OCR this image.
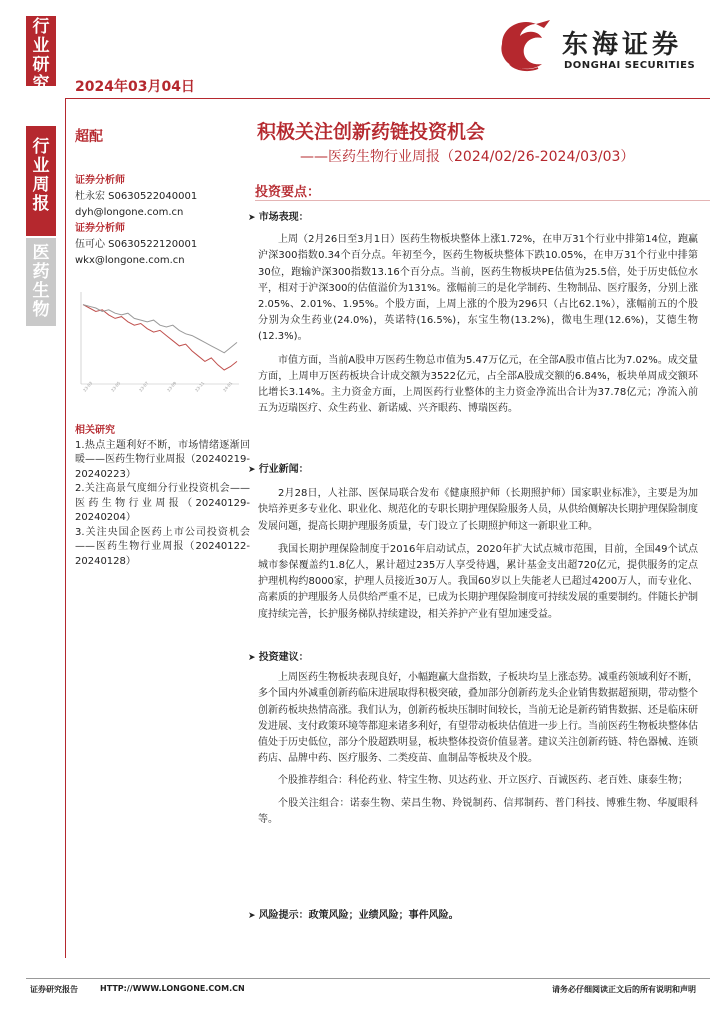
行业研究
行业周报
医药生物
2024年03月04日
东海证券
DONGHAI SECURITIES
超配	积极关注创新药链投资机会
——医药生物行业周报（2024/02/26-2024/03/03）
证券分析师
杜永宏 S0630522040001
dyh@longone.com.cn
证券分析师
伍可心 S0630522120001
wkx@longone.com.cn
23-03	23-05	23-07	23-09	23-11	24-01
相关研究
1.热点主题利好不断，市场情绪逐渐回暖——医药生物行业周报（20240219-20240223）
2.关注高景气度细分行业投资机会——医药生物行业周报（20240129-20240204）
3.关注央国企医药上市公司投资机会——医药生物行业周报（20240122-20240128）
投资要点：

➤ 市场表现：

上周（2月26日至3月1日）医药生物板块整体上涨1.72%，在申万31个行业中排第14位，跑赢沪深300指数0.34个百分点。年初至今，医药生物板块整体下跌10.05%，在申万31个行业中排第30位，跑输沪深300指数13.16个百分点。当前，医药生物板块PE估值为25.5倍，处于历史低位水平，相对于沪深300的估值溢价为131%。涨幅前三的是化学制药、生物制品、医疗服务，分别上涨2.05%、2.01%、1.95%。个股方面，上周上涨的个股为296只（占比62.1%），涨幅前五的个股分别为众生药业(24.0%)，英诺特(16.5%)，东宝生物(13.2%)，微电生理(12.6%)，艾德生物(12.3%)。

市值方面，当前A股申万医药生物总市值为5.47万亿元，在全部A股市值占比为7.02%。成交量方面，上周申万医药板块合计成交额为3522亿元，占全部A股成交额的6.84%，板块单周成交额环比增长3.14%。主力资金方面，上周医药行业整体的主力资金净流出合计为37.78亿元；净流入前五为迈瑞医疗、众生药业、新诺威、兴齐眼药、博瑞医药。

➤ 行业新闻：

2月28日，人社部、医保局联合发布《健康照护师（长期照护师）国家职业标准》，主要是为加快培养更多专业化、职业化、规范化的专职长期护理保险服务人员，从供给侧解决长期护理保险制度发展问题，提高长期护理服务质量，专门设立了长期照护师这一新职业工种。

我国长期护理保险制度于2016年启动试点，2020年扩大试点城市范围，目前，全国49个试点城市参保覆盖约1.8亿人，累计超过235万人享受待遇，累计基金支出超720亿元，提供服务的定点护理机构约8000家，护理人员接近30万人。我国60岁以上失能老人已超过4200万人，而专业化、高素质的护理服务人员供给严重不足，已成为长期护理保险制度可持续发展的重要制约。伴随长护制度持续完善，长护服务梯队持续建设，相关养护产业有望加速受益。

➤ 投资建议：

上周医药生物板块表现良好，小幅跑赢大盘指数，子板块均呈上涨态势。减重药领域利好不断，多个国内外减重创新药临床进展取得积极突破，叠加部分创新药龙头企业销售数据超预期，带动整个创新药板块热情高涨。我们认为，创新药板块压制时间较长，当前无论是新药销售数据、还是临床研发进展、支付政策环境等都迎来诸多利好，有望带动板块估值进一步上行。当前医药生物板块整体估值处于历史低位，部分个股超跌明显，板块整体投资价值显著。建议关注创新药链、特色器械、连锁药店、品牌中药、医疗服务、二类疫苗、血制品等板块及个股。

个股推荐组合：科伦药业、特宝生物、贝达药业、开立医疗、百诚医药、老百姓、康泰生物；

个股关注组合：诺泰生物、荣昌生物、羚锐制药、信邦制药、普门科技、博雅生物、华厦眼科等。

➤ 风险提示：政策风险；业绩风险；事件风险。

证券研究报告	HTTP://WWW.LONGONE.COM.CN	请务必仔细阅读正文后的所有说明和声明
